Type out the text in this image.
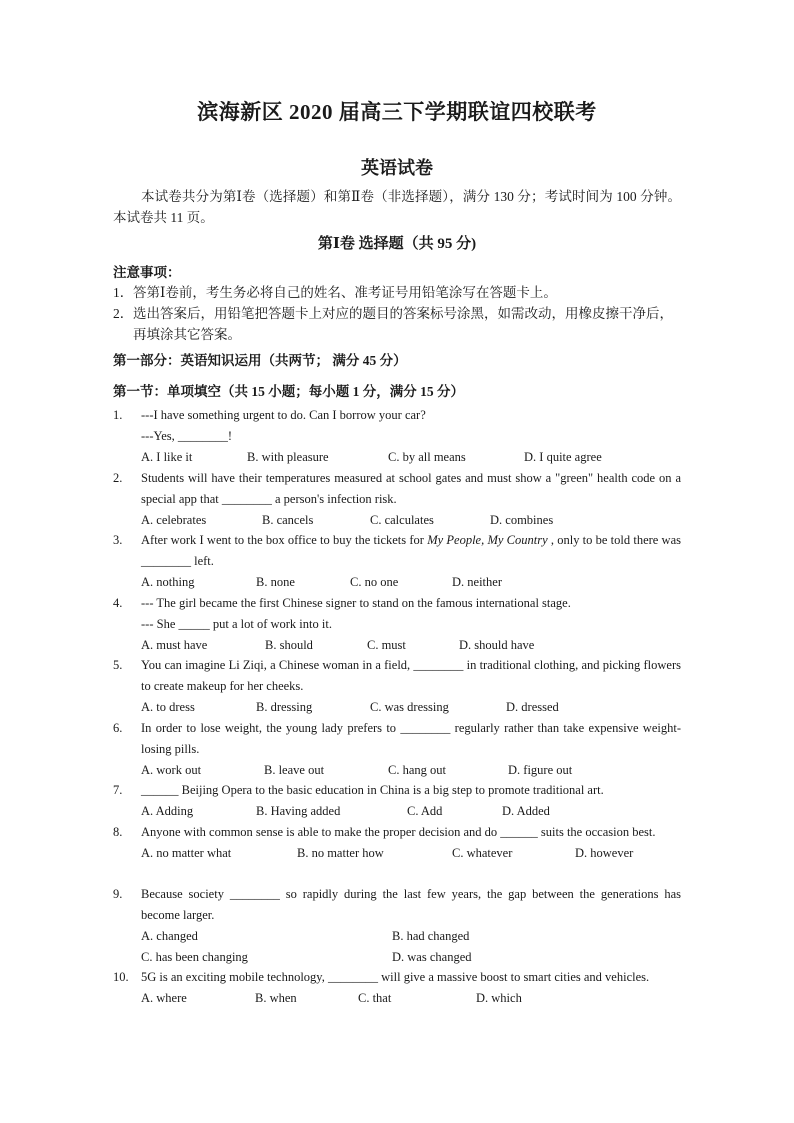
滨海新区 2020 届高三下学期联谊四校联考
英语试卷
本试卷共分为第Ⅰ卷（选择题）和第Ⅱ卷（非选择题），满分 130 分；考试时间为 100 分钟。本试卷共 11 页。
第Ⅰ卷 选择题（共 95 分)
注意事项：
1．答第Ⅰ卷前，考生务必将自己的姓名、准考证号用铅笔涂写在答题卡上。
2．选出答案后，用铅笔把答题卡上对应的题目的答案标号涂黑，如需改动，用橡皮擦干净后，
再填涂其它答案。
第一部分：英语知识运用（共两节； 满分 45 分）
第一节：单项填空（共 15 小题；每小题 1 分，满分 15 分）
1. ---I have something urgent to do. Can I borrow your car?
---Yes, ________!
A. I like it	B. with pleasure	C. by all means	D. I quite agree
2. Students will have their temperatures measured at school gates and must show a "green" health code on a special app that ________ a person's infection risk.
A. celebrates	B. cancels	C. calculates	D. combines
3. After work I went to the box office to buy the tickets for My People, My Country , only to be told there was ________ left.
A. nothing	B. none	C. no one	D. neither
4. --- The girl became the first Chinese signer to stand on the famous international stage.
--- She _____ put a lot of work into it.
A. must have	B. should	C. must	D. should have
5. You can imagine Li Ziqi, a Chinese woman in a field, ________ in traditional clothing, and picking flowers to create makeup for her cheeks.
A. to dress	B. dressing	C. was dressing	D. dressed
6. In order to lose weight, the young lady prefers to ________ regularly rather than take expensive weight-losing pills.
A. work out	B. leave out	C. hang out	D. figure out
7. ______ Beijing Opera to the basic education in China is a big step to promote traditional art.
A. Adding	B. Having added	C. Add	D. Added
8. Anyone with common sense is able to make the proper decision and do ______ suits the occasion best.
A. no matter what	B. no matter how	C. whatever	D. however
9. Because society ________ so rapidly during the last few years, the gap between the generations has become larger.
A. changed	B. had changed
C. has been changing	D. was changed
10. 5G is an exciting mobile technology, ________ will give a massive boost to smart cities and vehicles.
A. where	B. when	C. that	D. which
